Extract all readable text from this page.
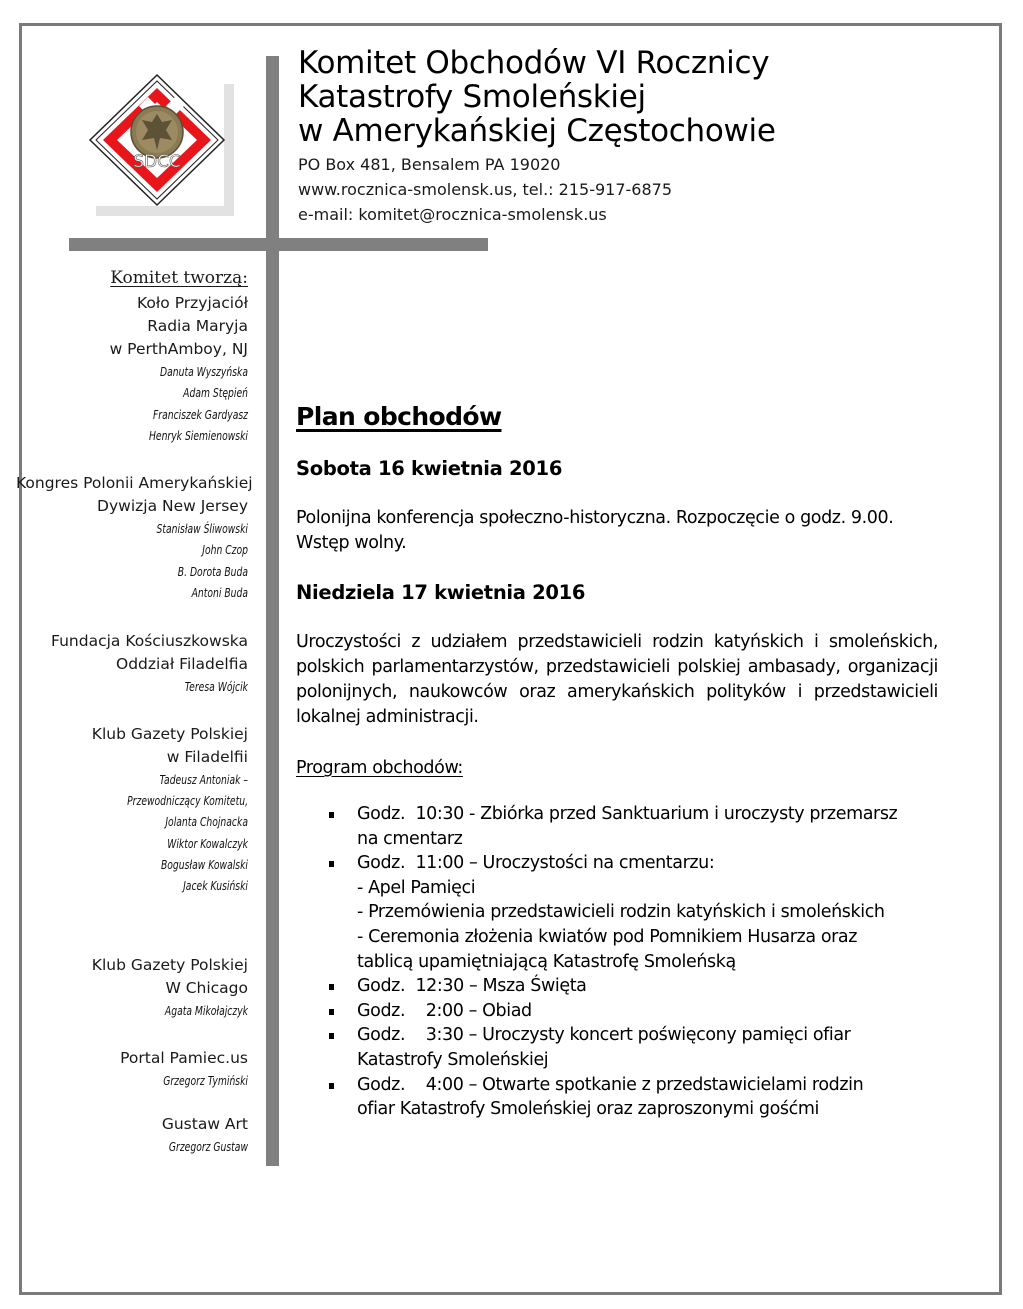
SDCC
Komitet Obchodów VI Rocznicy
Katastrofy Smoleńskiej
w Amerykańskiej Częstochowie
PO Box 481, Bensalem PA 19020
www.rocznica-smolensk.us, tel.: 215-917-6875
e-mail: komitet@rocznica-smolensk.us
Komitet tworzą:
Koło Przyjaciół
Radia Maryja
w PerthAmboy, NJ
Danuta Wyszyńska
Adam Stępień
Franciszek Gardyasz
Henryk Siemienowski
Kongres Polonii Amerykańskiej
Dywizja New Jersey
Stanisław Śliwowski
John Czop
B. Dorota Buda
Antoni Buda
Fundacja Kościuszkowska
Oddział Filadelfia
Teresa Wójcik
Klub Gazety Polskiej
w Filadelfii
Tadeusz Antoniak –
Przewodniczący Komitetu,
Jolanta Chojnacka
Wiktor Kowalczyk
Bogusław Kowalski
Jacek Kusiński
Klub Gazety Polskiej
W Chicago
Agata Mikołajczyk
Portal Pamiec.us
Grzegorz Tymiński
Gustaw Art
Grzegorz Gustaw
Plan obchodów
Sobota 16 kwietnia 2016
Polonijna konferencja społeczno-historyczna. Rozpoczęcie o godz. 9.00. Wstęp wolny.
Niedziela 17 kwietnia 2016
Uroczystości z udziałem przedstawicieli rodzin katyńskich i smoleńskich, polskich parlamentarzystów, przedstawicieli polskiej ambasady, organizacji polonijnych, naukowców oraz amerykańskich polityków i przedstawicieli lokalnej administracji.
Program obchodów:
Godz.  10:30 - Zbiórka przed Sanktuarium i uroczysty przemarsz
na cmentarz
Godz.  11:00 – Uroczystości na cmentarzu:
- Apel Pamięci
- Przemówienia przedstawicieli rodzin katyńskich i smoleńskich
- Ceremonia złożenia kwiatów pod Pomnikiem Husarza oraz
tablicą upamiętniającą Katastrofę Smoleńską
Godz.  12:30 – Msza Święta
Godz.    2:00 – Obiad
Godz.    3:30 – Uroczysty koncert poświęcony pamięci ofiar
Katastrofy Smoleńskiej
Godz.    4:00 – Otwarte spotkanie z przedstawicielami rodzin
ofiar Katastrofy Smoleńskiej oraz zaproszonymi gośćmi
